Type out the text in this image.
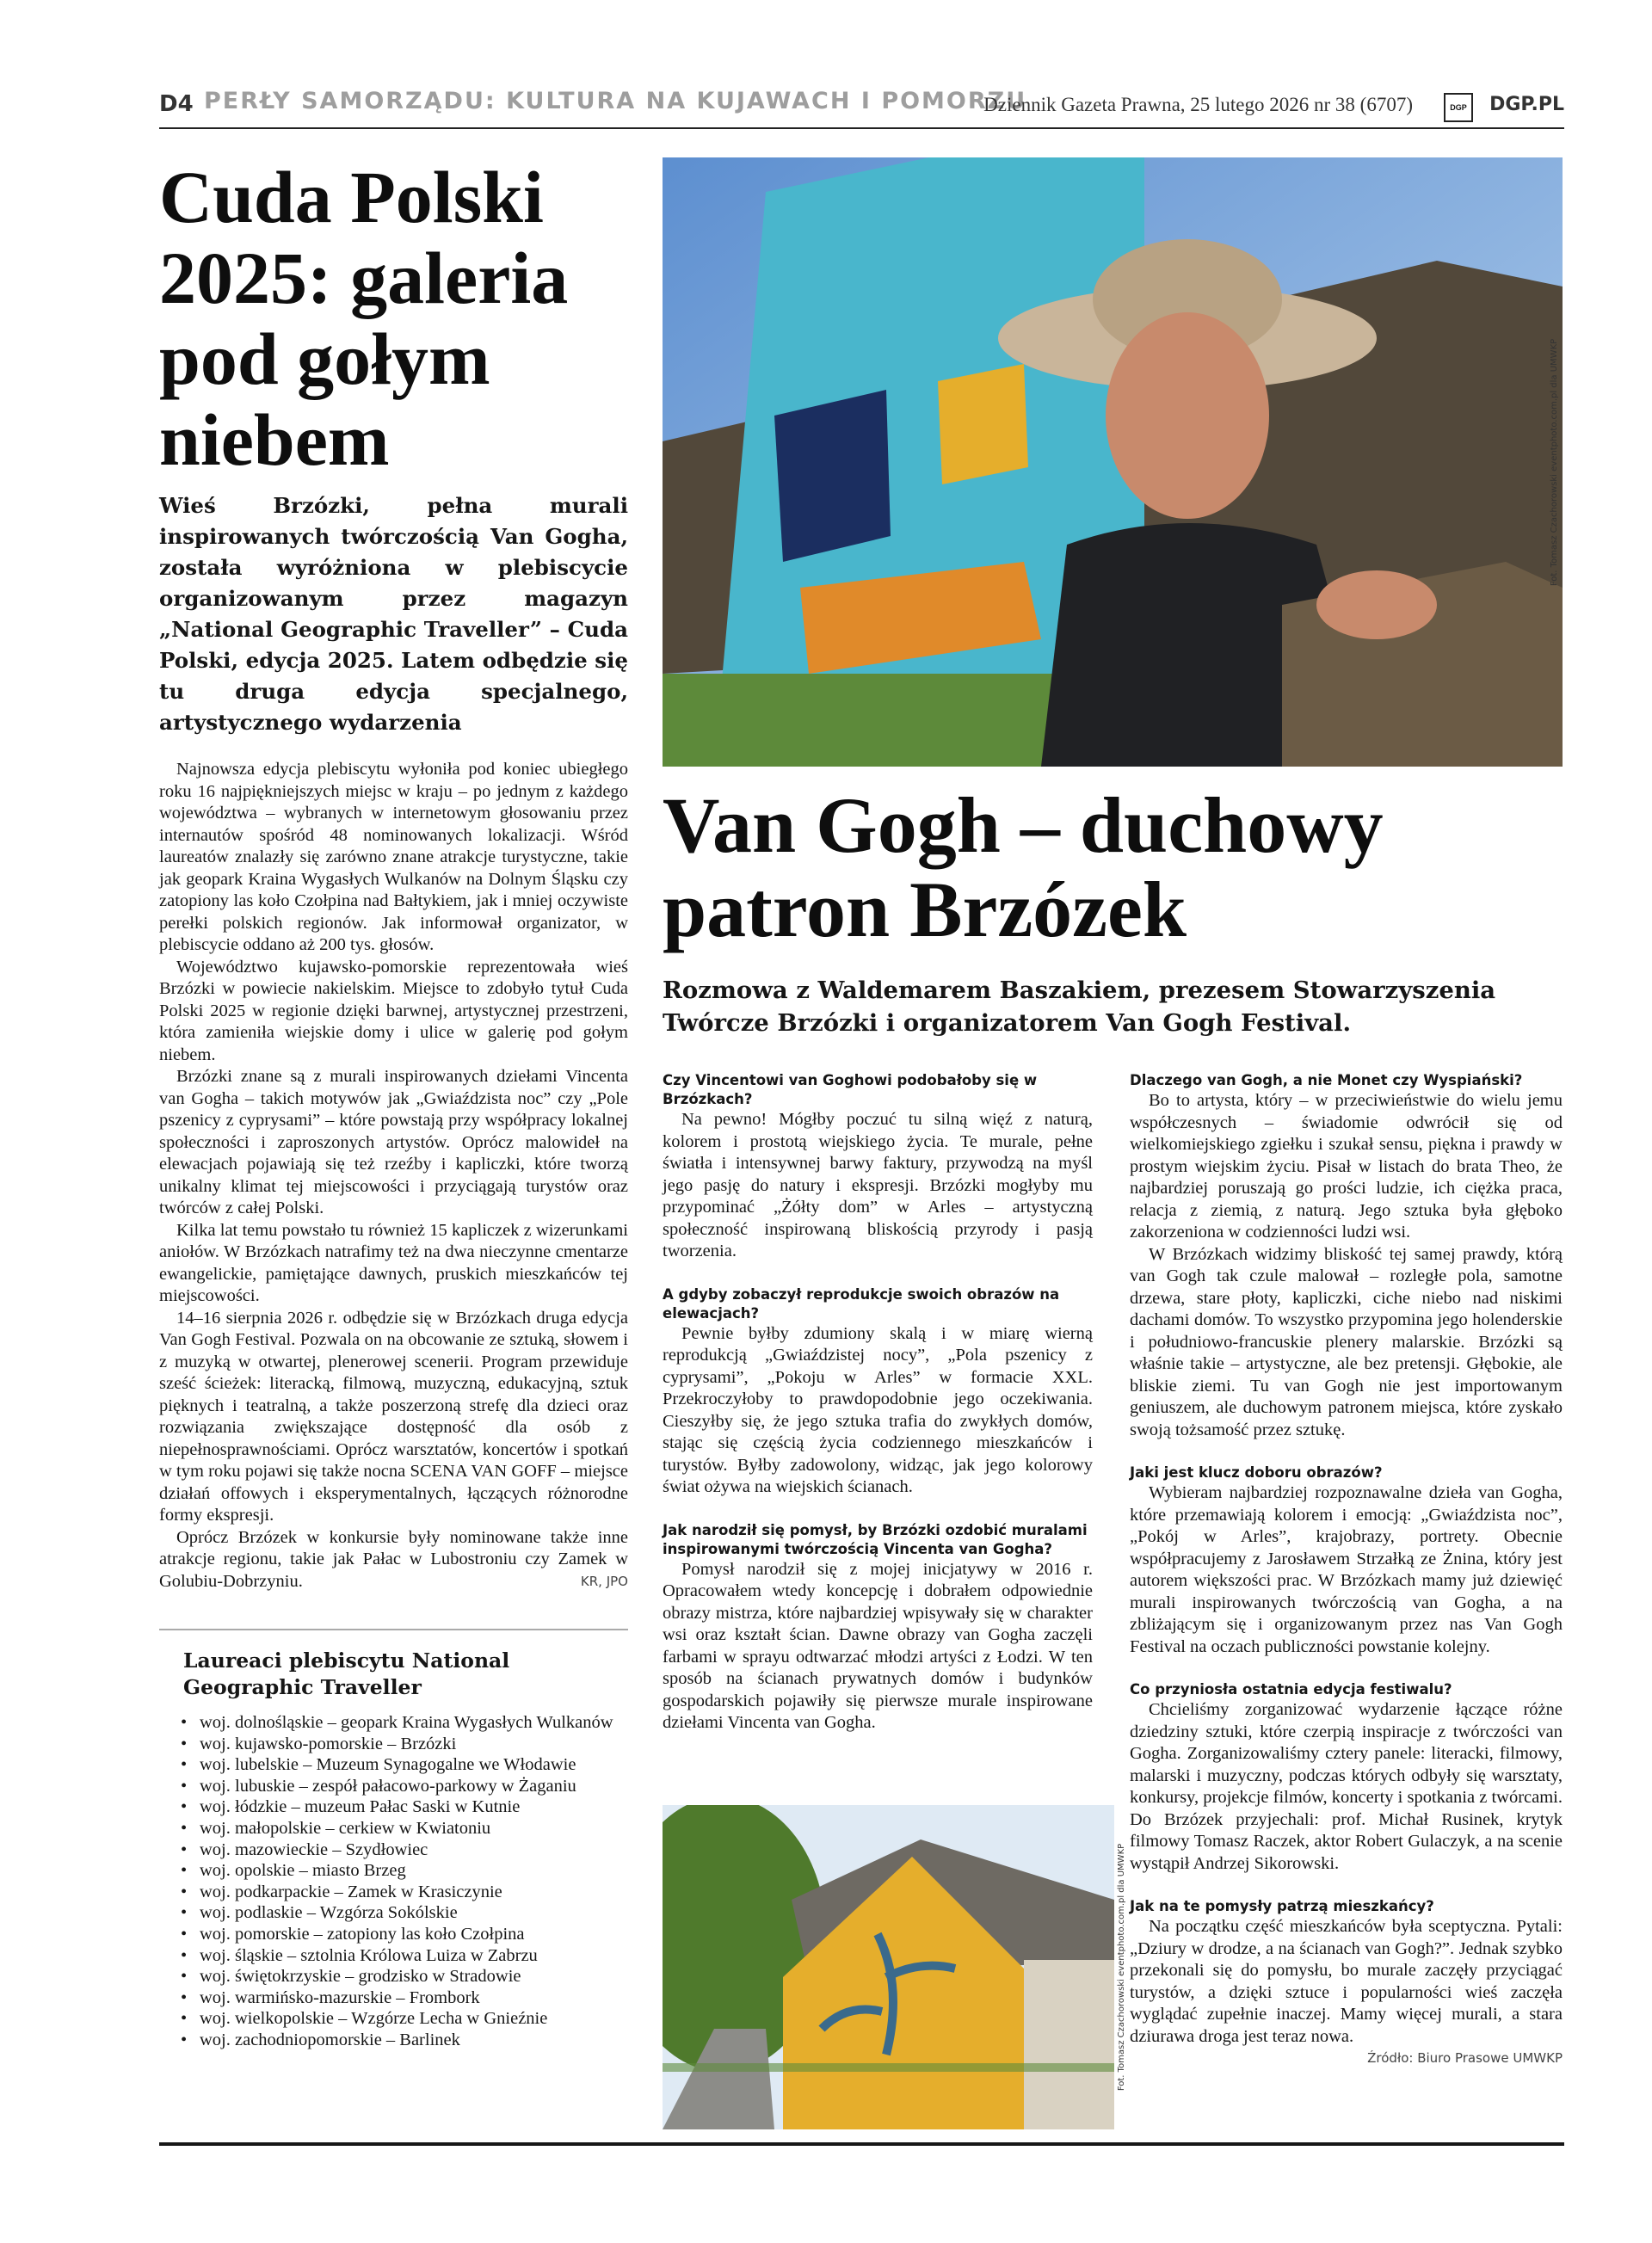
D4 PERŁY SAMORZĄDU: KULTURA NA KUJAWACH I POMORZU
Dziennik Gazeta Prawna, 25 lutego 2026 nr 38 (6707)	DGP	DGP.PL
Cuda Polski 2025: galeria pod gołym niebem

Wieś Brzózki, pełna murali inspirowanych twórczością Van Gogha, została wyróżniona w plebiscycie organizowanym przez magazyn „National Geographic Traveller” – Cuda Polski, edycja 2025. Latem odbędzie się tu druga edycja specjalnego, artystycznego wydarzenia

Najnowsza edycja plebiscytu wyłoniła pod koniec ubiegłego roku 16 najpiękniejszych miejsc w kraju – po jednym z każdego województwa – wybranych w internetowym głosowaniu przez internautów spośród 48 nominowanych lokalizacji. Wśród laureatów znalazły się zarówno znane atrakcje turystyczne, takie jak geopark Kraina Wygasłych Wulkanów na Dolnym Śląsku czy zatopiony las koło Czołpina nad Bałtykiem, jak i mniej oczywiste perełki polskich regionów. Jak informował organizator, w plebiscycie oddano aż 200 tys. głosów.

Województwo kujawsko-pomorskie reprezentowała wieś Brzózki w powiecie nakielskim. Miejsce to zdobyło tytuł Cuda Polski 2025 w regionie dzięki barwnej, artystycznej przestrzeni, która zamieniła wiejskie domy i ulice w galerię pod gołym niebem.

Brzózki znane są z murali inspirowanych dziełami Vincenta van Gogha – takich motywów jak „Gwiaździsta noc” czy „Pole pszenicy z cyprysami” – które powstają przy współpracy lokalnej społeczności i zaproszonych artystów. Oprócz malowideł na elewacjach pojawiają się też rzeźby i kapliczki, które tworzą unikalny klimat tej miejscowości i przyciągają turystów oraz twórców z całej Polski.

Kilka lat temu powstało tu również 15 kapliczek z wizerunkami aniołów. W Brzózkach natrafimy też na dwa nieczynne cmentarze ewangelickie, pamiętające dawnych, pruskich mieszkańców tej miejscowości.

14–16 sierpnia 2026 r. odbędzie się w Brzózkach druga edycja Van Gogh Festival. Pozwala on na obcowanie ze sztuką, słowem i z muzyką w otwartej, plenerowej scenerii. Program przewiduje sześć ścieżek: literacką, filmową, muzyczną, edukacyjną, sztuk pięknych i teatralną, a także poszerzoną strefę dla dzieci oraz rozwiązania zwiększające dostępność dla osób z niepełnosprawnościami. Oprócz warsztatów, koncertów i spotkań w tym roku pojawi się także nocna SCENA VAN GOFF – miejsce działań offowych i eksperymentalnych, łączących różnorodne formy ekspresji.

Oprócz Brzózek w konkursie były nominowane także inne atrakcje regionu, takie jak Pałac w Lubostroniu czy Zamek w Golubiu-Dobrzyniu.	KR, JPO

Laureaci plebiscytu National Geographic Traveller
• woj. dolnośląskie – geopark Kraina Wygasłych Wulkanów
• woj. kujawsko-pomorskie – Brzózki
• woj. lubelskie – Muzeum Synagogalne we Włodawie
• woj. lubuskie – zespół pałacowo-parkowy w Żaganiu
• woj. łódzkie – muzeum Pałac Saski w Kutnie
• woj. małopolskie – cerkiew w Kwiatoniu
• woj. mazowieckie – Szydłowiec
• woj. opolskie – miasto Brzeg
• woj. podkarpackie – Zamek w Krasiczynie
• woj. podlaskie – Wzgórza Sokólskie
• woj. pomorskie – zatopiony las koło Czołpina
• woj. śląskie – sztolnia Królowa Luiza w Zabrzu
• woj. świętokrzyskie – grodzisko w Stradowie
• woj. warmińsko-mazurskie – Frombork
• woj. wielkopolskie – Wzgórze Lecha w Gnieźnie
• woj. zachodniopomorskie – Barlinek
Fot. Tomasz Czachorowski eventphoto.com.pl dla UMWKP
Van Gogh – duchowy patron Brzózek

Rozmowa z Waldemarem Baszakiem, prezesem Stowarzyszenia Twórcze Brzózki i organizatorem Van Gogh Festival.

Czy Vincentowi van Goghowi podobałoby się w Brzózkach?

Na pewno! Mógłby poczuć tu silną więź z naturą, kolorem i prostotą wiejskiego życia. Te murale, pełne światła i intensywnej barwy faktury, przywodzą na myśl jego pasję do natury i ekspresji. Brzózki mogłyby mu przypominać „Żółty dom” w Arles – artystyczną społeczność inspirowaną bliskością przyrody i pasją tworzenia.

A gdyby zobaczył reprodukcje swoich obrazów na elewacjach?

Pewnie byłby zdumiony skalą i w miarę wierną reprodukcją „Gwiaździstej nocy”, „Pola pszenicy z cyprysami”, „Pokoju w Arles” w formacie XXL. Przekroczyłoby to prawdopodobnie jego oczekiwania. Cieszyłby się, że jego sztuka trafia do zwykłych domów, stając się częścią życia codziennego mieszkańców i turystów. Byłby zadowolony, widząc, jak jego kolorowy świat ożywa na wiejskich ścianach.

Jak narodził się pomysł, by Brzózki ozdobić muralami inspirowanymi twórczością Vincenta van Gogha?

Pomysł narodził się z mojej inicjatywy w 2016 r. Opracowałem wtedy koncepcję i dobrałem odpowiednie obrazy mistrza, które najbardziej wpisywały się w charakter wsi oraz kształt ścian. Dawne obrazy van Gogha zaczęli farbami w sprayu odtwarzać młodzi artyści z Łodzi. W ten sposób na ścianach prywatnych domów i budynków gospodarskich pojawiły się pierwsze murale inspirowane dziełami Vincenta van Gogha.

Dlaczego van Gogh, a nie Monet czy Wyspiański?

Bo to artysta, który – w przeciwieństwie do wielu jemu współczesnych – świadomie odwrócił się od wielkomiejskiego zgiełku i szukał sensu, piękna i prawdy w prostym wiejskim życiu. Pisał w listach do brata Theo, że najbardziej poruszają go prości ludzie, ich ciężka praca, relacja z ziemią, z naturą. Jego sztuka była głęboko zakorzeniona w codzienności ludzi wsi.

W Brzózkach widzimy bliskość tej samej prawdy, którą van Gogh tak czule malował – rozległe pola, samotne drzewa, stare płoty, kapliczki, ciche niebo nad niskimi dachami domów. To wszystko przypomina jego holenderskie i południowo-francuskie plenery malarskie. Brzózki są właśnie takie – artystyczne, ale bez pretensji. Głębokie, ale bliskie ziemi. Tu van Gogh nie jest importowanym geniuszem, ale duchowym patronem miejsca, które zyskało swoją tożsamość przez sztukę.

Jaki jest klucz doboru obrazów?

Wybieram najbardziej rozpoznawalne dzieła van Gogha, które przemawiają kolorem i emocją: „Gwiaździsta noc”, „Pokój w Arles”, krajobrazy, portrety. Obecnie współpracujemy z Jarosławem Strzałką ze Żnina, który jest autorem większości prac. W Brzózkach mamy już dziewięć murali inspirowanych twórczością van Gogha, a na zbliżającym się i organizowanym przez nas Van Gogh Festival na oczach publiczności powstanie kolejny.

Co przyniosła ostatnia edycja festiwalu?

Chcieliśmy zorganizować wydarzenie łączące różne dziedziny sztuki, które czerpią inspiracje z twórczości van Gogha. Zorganizowaliśmy cztery panele: literacki, filmowy, malarski i muzyczny, podczas których odbyły się warsztaty, konkursy, projekcje filmów, koncerty i spotkania z twórcami. Do Brzózek przyjechali: prof. Michał Rusinek, krytyk filmowy Tomasz Raczek, aktor Robert Gulaczyk, a na scenie wystąpił Andrzej Sikorowski.

Jak na te pomysły patrzą mieszkańcy?

Na początku część mieszkańców była sceptyczna. Pytali: „Dziury w drodze, a na ścianach van Gogh?”. Jednak szybko przekonali się do pomysłu, bo murale zaczęły przyciągać turystów, a dzięki sztuce i popularności wieś zaczęła wyglądać zupełnie inaczej. Mamy więcej murali, a stara dziurawa droga jest teraz nowa.

Źródło: Biuro Prasowe UMWKP

Fot. Tomasz Czachorowski eventphoto.com.pl dla UMWKP
